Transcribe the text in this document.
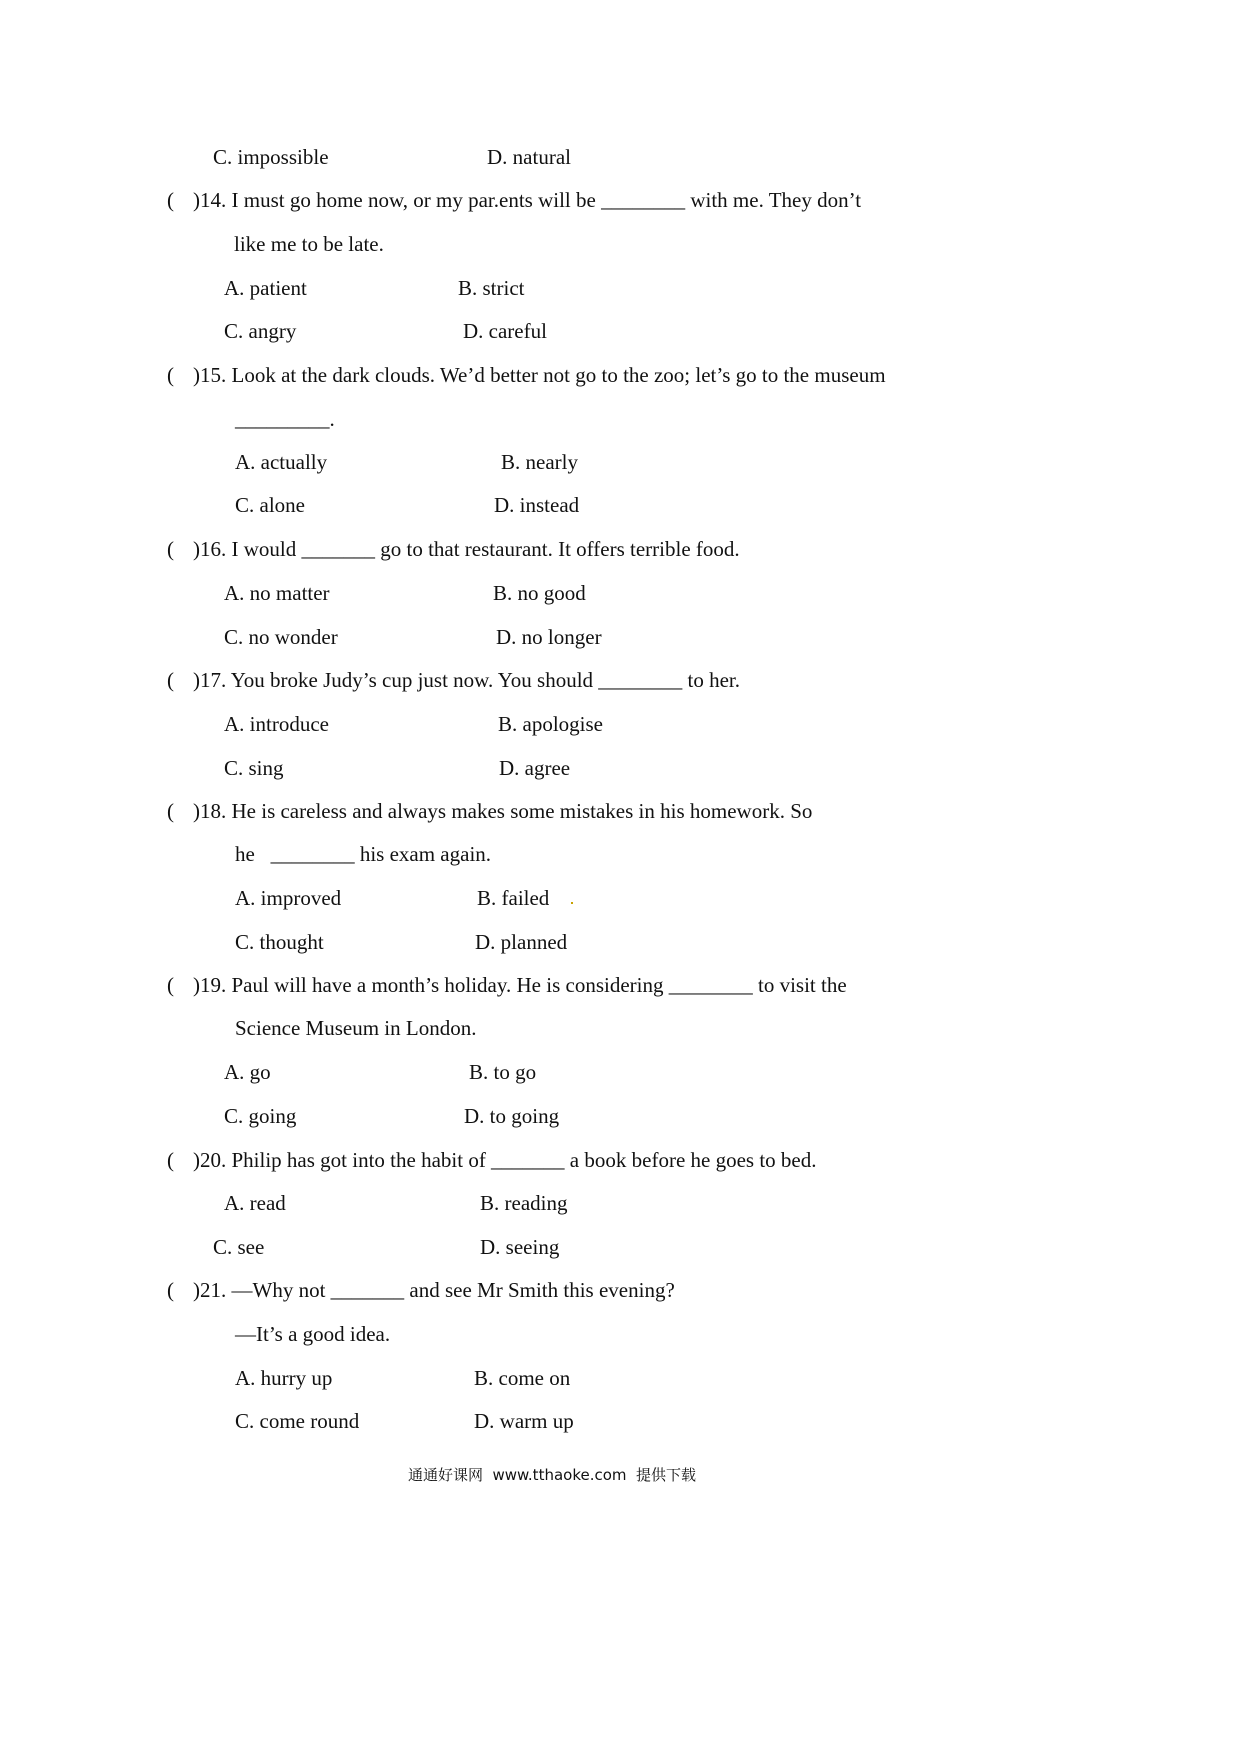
C. impossible	D. natural
( )14. I must go home now, or my par.ents will be ________ with me. They don’t
like me to be late.
A. patient	B. strict
C. angry	D. careful
( )15. Look at the dark clouds. We’d better not go to the zoo; let’s go to the museum
_________.
A. actually	B. nearly
C. alone	D. instead
( )16. I would _______ go to that restaurant. It offers terrible food.
A. no matter	B. no good
C. no wonder	D. no longer
( )17. You broke Judy’s cup just now. You should ________ to her.
A. introduce	B. apologise
C. sing	D. agree
( )18. He is careless and always makes some mistakes in his homework. So
he   ________ his exam again.
A. improved	B. failed
C. thought	D. planned
( )19. Paul will have a month’s holiday. He is considering ________ to visit the
Science Museum in London.
A. go	B. to go
C. going	D. to going
( )20. Philip has got into the habit of _______ a book before he goes to bed.
A. read	B. reading
C. see	D. seeing
( )21. —Why not _______ and see Mr Smith this evening?
—It’s a good idea.
A. hurry up	B. come on
C. come round	D. warm up
通通好课网  www.tthaoke.com  提供下载
